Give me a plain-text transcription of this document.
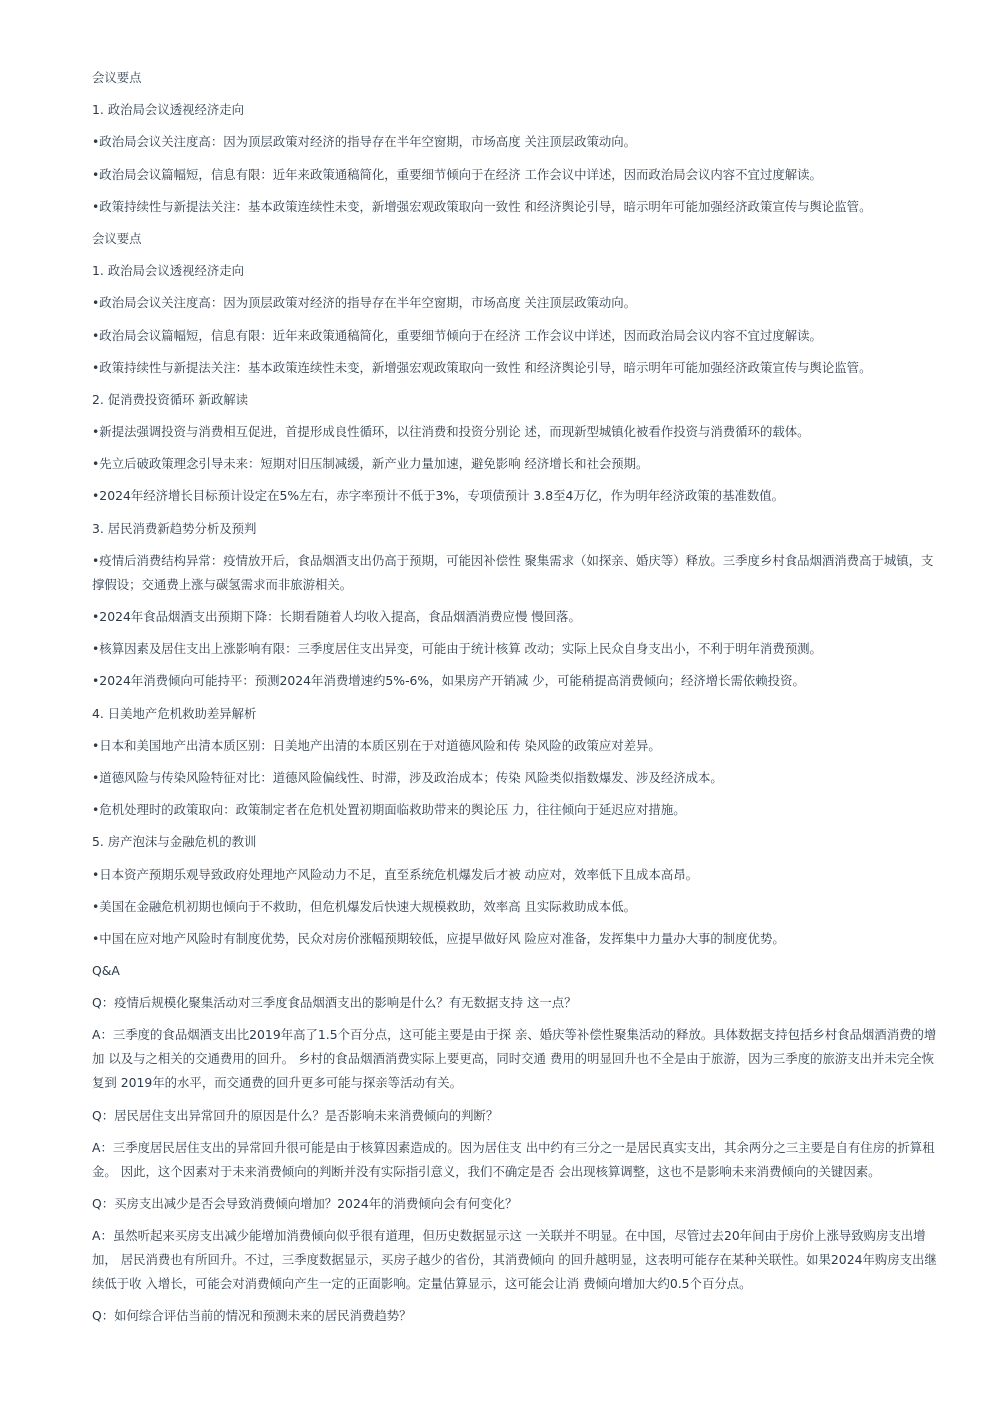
会议要点

1. 政治局会议透视经济走向

•政治局会议关注度高：因为顶层政策对经济的指导存在半年空窗期，市场高度 关注顶层政策动向。

•政治局会议篇幅短，信息有限：近年来政策通稿简化，重要细节倾向于在经济 工作会议中详述，因而政治局会议内容不宜过度解读。

•政策持续性与新提法关注：基本政策连续性未变，新增强宏观政策取向一致性 和经济舆论引导，暗示明年可能加强经济政策宣传与舆论监管。

会议要点

1. 政治局会议透视经济走向

•政治局会议关注度高：因为顶层政策对经济的指导存在半年空窗期，市场高度 关注顶层政策动向。

•政治局会议篇幅短，信息有限：近年来政策通稿简化，重要细节倾向于在经济 工作会议中详述，因而政治局会议内容不宜过度解读。

•政策持续性与新提法关注：基本政策连续性未变，新增强宏观政策取向一致性 和经济舆论引导，暗示明年可能加强经济政策宣传与舆论监管。

2. 促消费投资循环 新政解读

•新提法强调投资与消费相互促进，首提形成良性循环，以往消费和投资分别论 述，而现新型城镇化被看作投资与消费循环的载体。

•先立后破政策理念引导未来：短期对旧压制减缓，新产业力量加速，避免影响 经济增长和社会预期。

•2024年经济增长目标预计设定在5%左右，赤字率预计不低于3%，专项债预计 3.8至4万亿，作为明年经济政策的基准数值。

3. 居民消费新趋势分析及预判

•疫情后消费结构异常：疫情放开后，食品烟酒支出仍高于预期，可能因补偿性 聚集需求（如探亲、婚庆等）释放。三季度乡村食品烟酒消费高于城镇，支撑假设；交通费上涨与碳氢需求而非旅游相关。

•2024年食品烟酒支出预期下降：长期看随着人均收入提高，食品烟酒消费应慢 慢回落。

•核算因素及居住支出上涨影响有限：三季度居住支出异变，可能由于统计核算 改动；实际上民众自身支出小，不利于明年消费预测。

•2024年消费倾向可能持平：预测2024年消费增速约5%-6%，如果房产开销减 少，可能稍提高消费倾向；经济增长需依赖投资。

4. 日美地产危机救助差异解析

•日本和美国地产出清本质区别：日美地产出清的本质区别在于对道德风险和传 染风险的政策应对差异。

•道德风险与传染风险特征对比：道德风险偏线性、时滞，涉及政治成本；传染 风险类似指数爆发、涉及经济成本。

•危机处理时的政策取向：政策制定者在危机处置初期面临救助带来的舆论压 力，往往倾向于延迟应对措施。

5. 房产泡沫与金融危机的教训

•日本资产预期乐观导致政府处理地产风险动力不足，直至系统危机爆发后才被 动应对，效率低下且成本高昂。

•美国在金融危机初期也倾向于不救助，但危机爆发后快速大规模救助，效率高 且实际救助成本低。

•中国在应对地产风险时有制度优势，民众对房价涨幅预期较低，应提早做好风 险应对准备，发挥集中力量办大事的制度优势。

Q&A

Q：疫情后规模化聚集活动对三季度食品烟酒支出的影响是什么？有无数据支持 这一点？

A：三季度的食品烟酒支出比2019年高了1.5个百分点，这可能主要是由于探 亲、婚庆等补偿性聚集活动的释放。具体数据支持包括乡村食品烟酒消费的增加 以及与之相关的交通费用的回升。 乡村的食品烟酒消费实际上要更高，同时交通 费用的明显回升也不全是由于旅游，因为三季度的旅游支出并未完全恢复到 2019年的水平，而交通费的回升更多可能与探亲等活动有关。

Q：居民居住支出异常回升的原因是什么？是否影响未来消费倾向的判断？

A：三季度居民居住支出的异常回升很可能是由于核算因素造成的。因为居住支 出中约有三分之一是居民真实支出，其余两分之三主要是自有住房的折算租金。 因此，这个因素对于未来消费倾向的判断并没有实际指引意义，我们不确定是否 会出现核算调整，这也不是影响未来消费倾向的关键因素。

Q：买房支出减少是否会导致消费倾向增加？2024年的消费倾向会有何变化？

A：虽然听起来买房支出减少能增加消费倾向似乎很有道理，但历史数据显示这 一关联并不明显。在中国，尽管过去20年间由于房价上涨导致购房支出增加， 居民消费也有所回升。不过，三季度数据显示，买房子越少的省份，其消费倾向 的回升越明显，这表明可能存在某种关联性。如果2024年购房支出继续低于收 入增长，可能会对消费倾向产生一定的正面影响。定量估算显示，这可能会让消 费倾向增加大约0.5个百分点。

Q：如何综合评估当前的情况和预测未来的居民消费趋势？
